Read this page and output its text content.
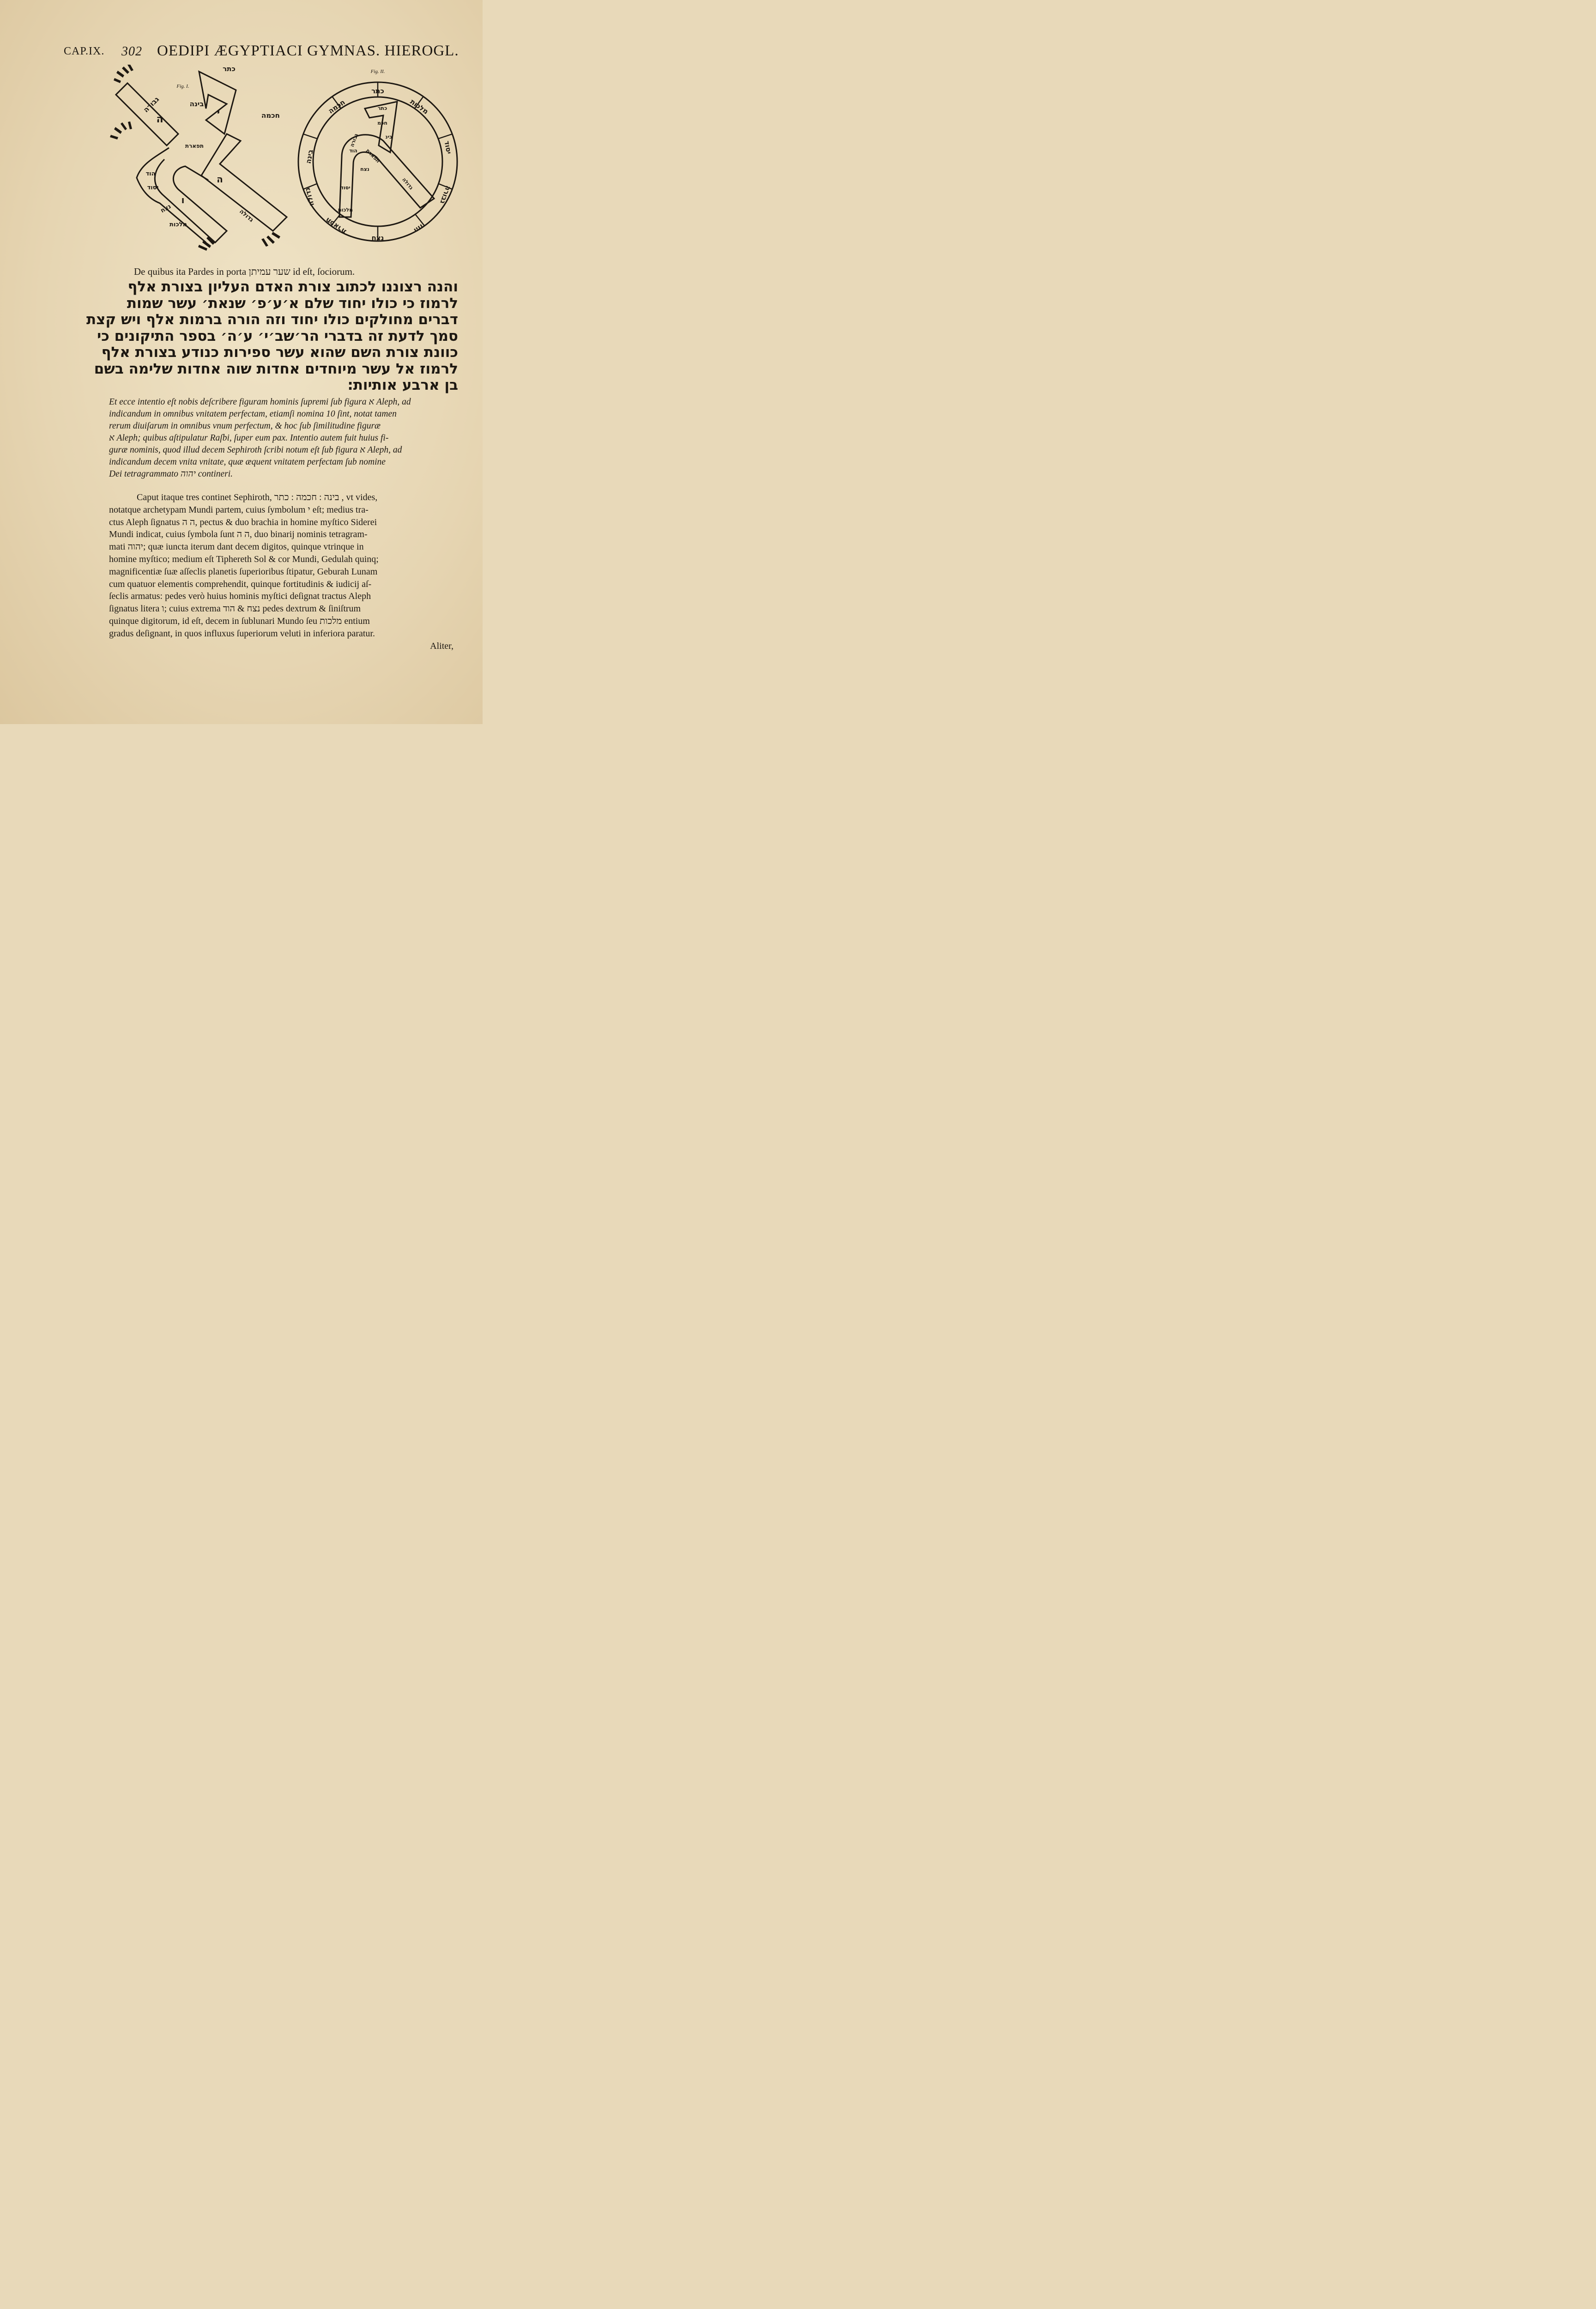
CAP.IX. 302 OEDIPI ÆGYPTIACI GYMNAS. HIEROGL.
כתר
בינה
חכמה
גבורה
ה
י
תפארת
הוד
נצח
יסוד
מלכות
גדולה
ה
ו
Fig. I.
כתר
חכמה
בינה
מלכות
יסוד
גבורה
הוד
נצח
תפארת
גדולה
כתר
חכמ
בינ
גבורה
תפארת
גדולה
נצח
הוד
יסוד
מלכות
Fig. II.
De quibus ita Pardes in porta שער עמיתן id eſt, ſociorum.
והנה רצוננו לכתוב צורת האדם העליון בצורת אלף
לרמוז כי כולו יחוד שלם א׳ע׳פ׳ שנאת׳ עשר שמות
דברים מחולקים כולו יחוד וזה הורה ברמות אלף ויש קצת
סמך לדעת זה בדברי הר׳שב׳י׳ ע׳ה׳ בספר התיקונים כי
כוונת צורת השם שהוא עשר ספירות כנודע בצורת אלף
לרמוז אל עשר מיוחדים אחדות שוה אחדות שלימה בשם
בן ארבע אותיות:
Et ecce intentio eſt nobis deſcribere figuram hominis ſupremi ſub figura א Aleph, ad
indicandum in omnibus vnitatem perfectam, etiamſi nomina 10 ſint, notat tamen
rerum diuiſarum in omnibus vnum perfectum, & hoc ſub ſimilitudine figuræ
א Aleph; quibus aſtipulatur Raſbi, ſuper eum pax. Intentio autem fuit huius fi-
guræ nominis, quod illud decem Sephiroth ſcribi notum eſt ſub figura א Aleph, ad
indicandum decem vnita vnitate, quæ æquent vnitatem perfectam ſub nomine
Dei tetragrammato יהוה contineri.
Caput itaque tres continet Sephiroth, בינה : חכמה : כתר , vt vides,
notatque archetypam Mundi partem, cuius ſymbolum י eſt; medius tra-
ctus Aleph ſignatus ה ה, pectus & duo brachia in homine myſtico Siderei
Mundi indicat, cuius ſymbola ſunt ה ה, duo binarij nominis tetragram-
mati יהוה; quæ iuncta iterum dant decem digitos, quinque vtrinque in
homine myſtico; medium eſt Tiphereth Sol & cor Mundi, Gedulah quinq;
magnificentiæ ſuæ aſſeclis planetis ſuperioribus ſtipatur, Geburah Lunam
cum quatuor elementis comprehendit, quinque fortitudinis & iudicij aſ-
ſeclis armatus: pedes verò huius hominis myſtici deſignat tractus Aleph
ſignatus litera ו; cuius extrema נצח & הוד pedes dextrum & ſiniſtrum
quinque digitorum, id eſt, decem in ſublunari Mundo ſeu מלכות entium
gradus deſignant, in quos influxus ſuperiorum veluti in inferiora paratur.
Aliter,
